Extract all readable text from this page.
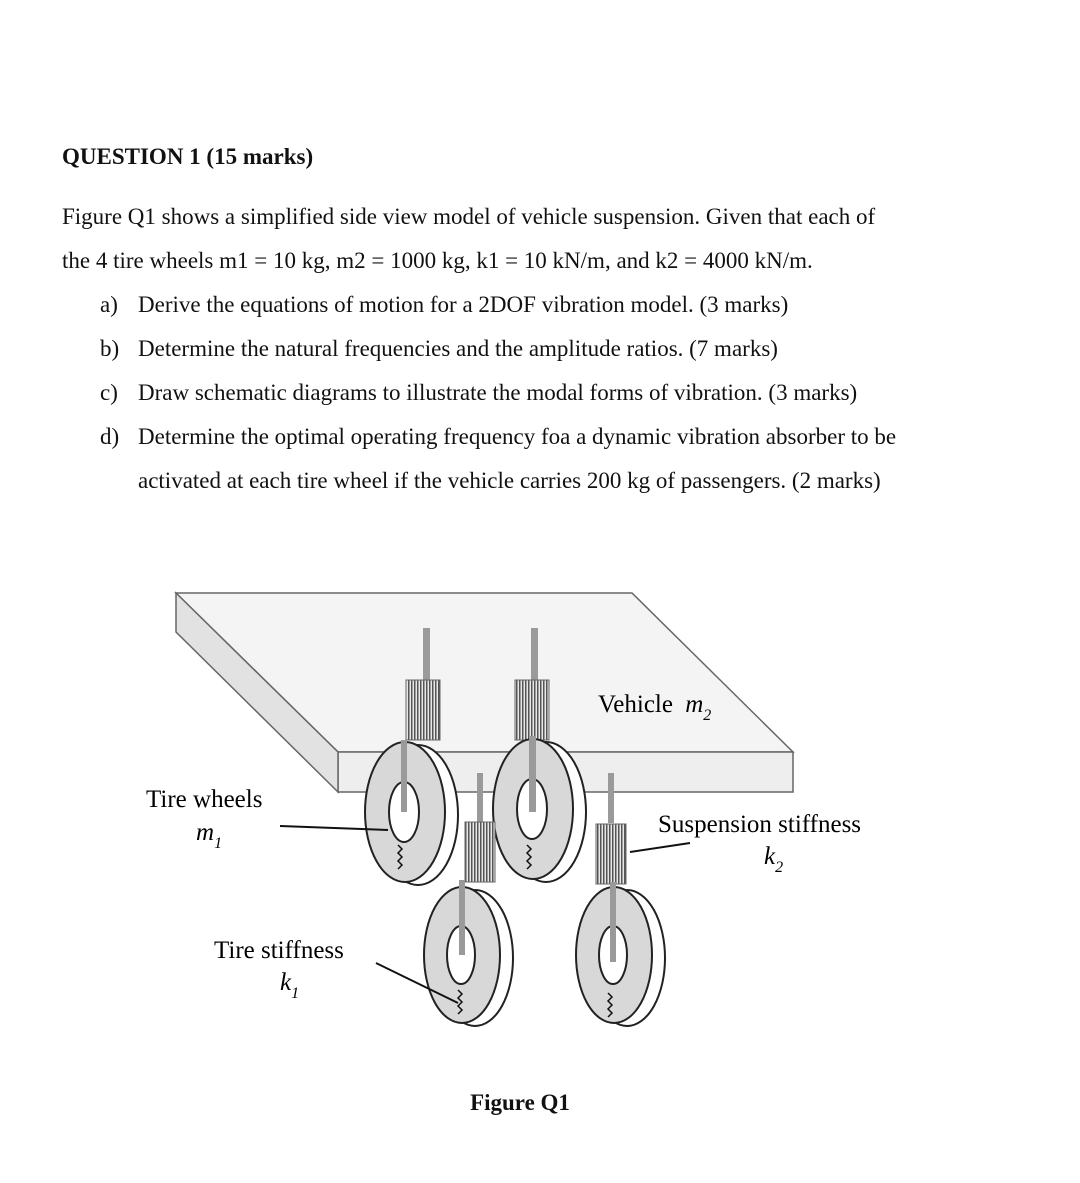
QUESTION 1 (15 marks)
Figure Q1 shows a simplified side view model of vehicle suspension. Given that each of
the 4 tire wheels m1 = 10 kg, m2 = 1000 kg, k1 = 10 kN/m, and k2 = 4000 kN/m.
a) Derive the equations of motion for a 2DOF vibration model. (3 marks)
b) Determine the natural frequencies and the amplitude ratios. (7 marks)
c) Draw schematic diagrams to illustrate the modal forms of vibration. (3 marks)
d) Determine the optimal operating frequency foa a dynamic vibration absorber to be
activated at each tire wheel if the vehicle carries 200 kg of passengers. (2 marks)
Vehicle $m_2$
Tire wheels
$m_1$
Suspension stiffness
$k_2$
Tire stiffness
$k_1$
Figure Q1
